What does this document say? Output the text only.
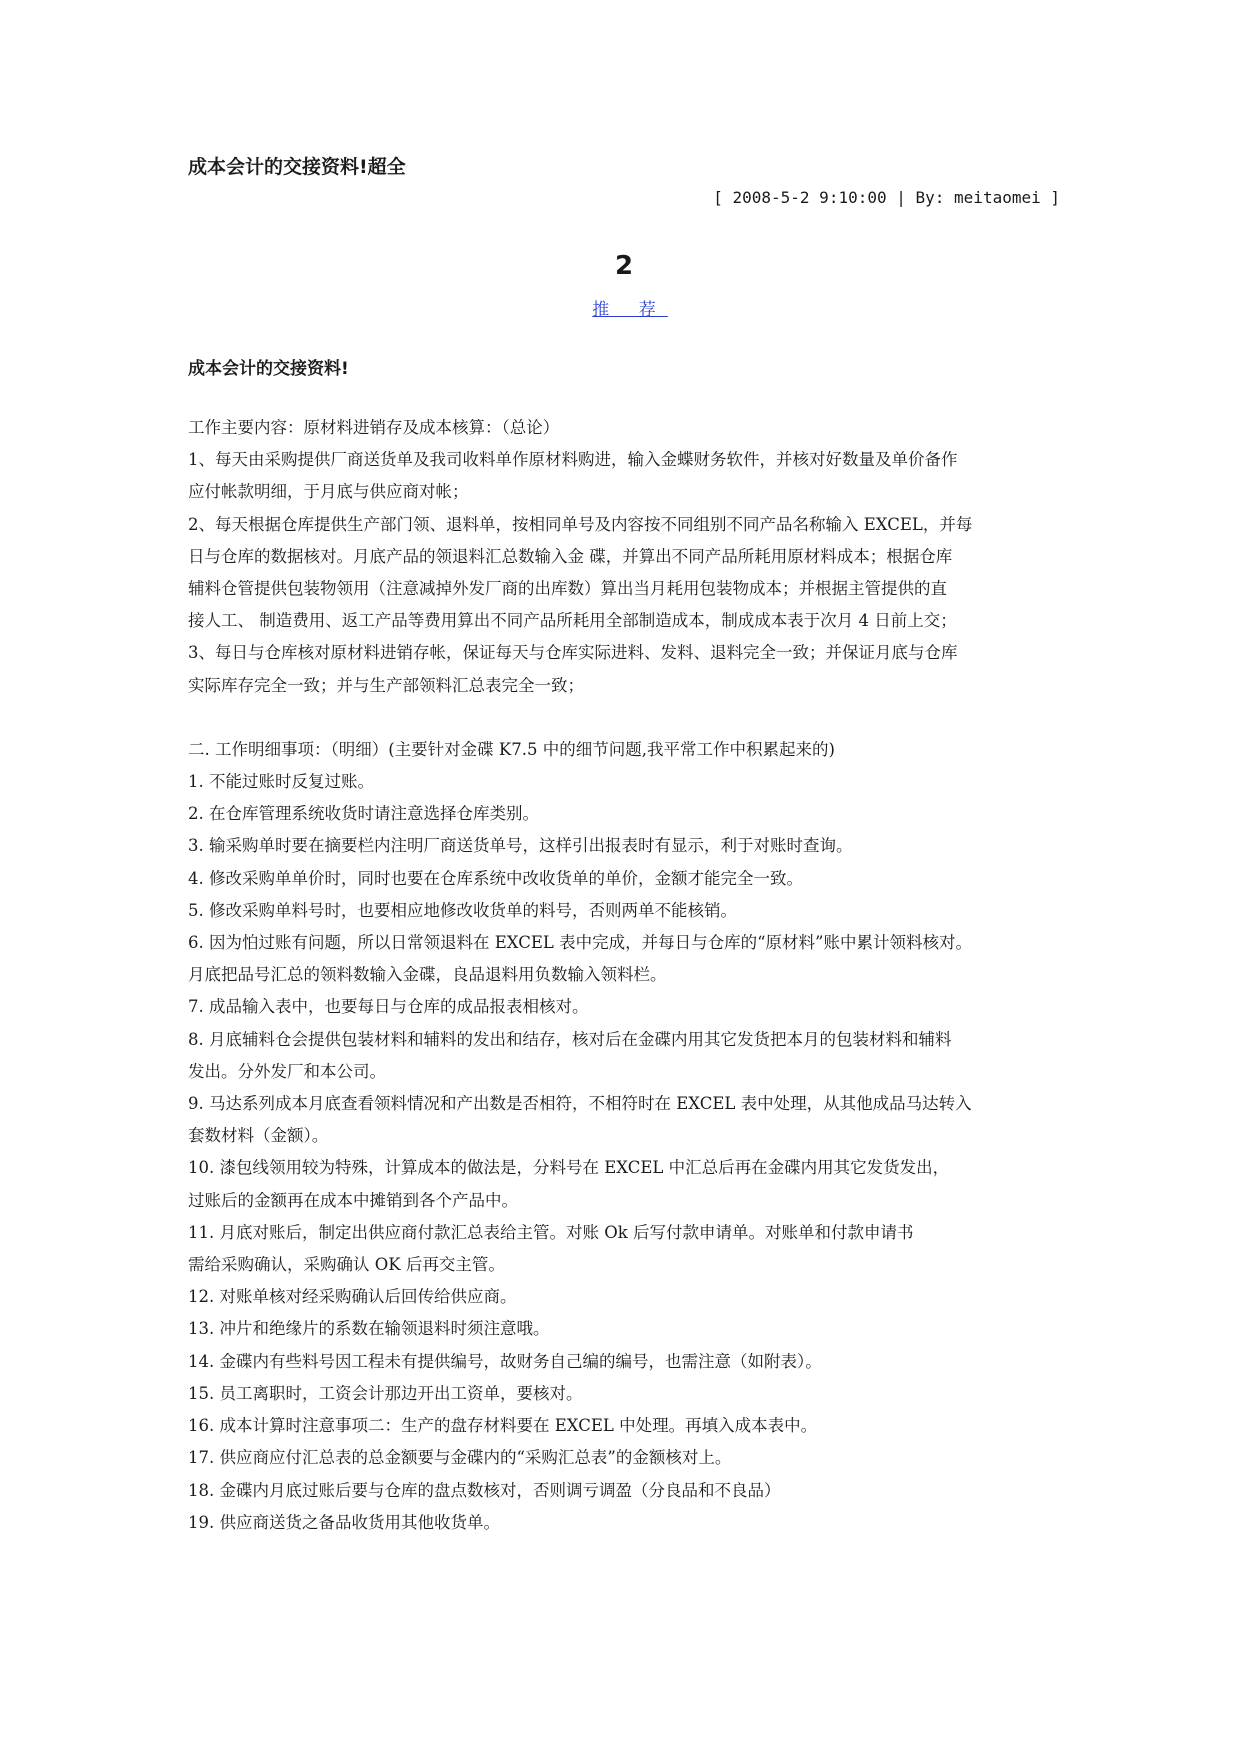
成本会计的交接资料!超全
[ 2008-5-2 9:10:00 | By: meitaomei ]
2
推 荐
成本会计的交接资料!

工作主要内容：原材料进销存及成本核算：（总论）

1、每天由采购提供厂商送货单及我司收料单作原材料购进，输入金蝶财务软件，并核对好数量及单价备作

应付帐款明细，于月底与供应商对帐；

2、每天根据仓库提供生产部门领、退料单，按相同单号及内容按不同组别不同产品名称输入 EXCEL，并每

日与仓库的数据核对。月底产品的领退料汇总数输入金 碟，并算出不同产品所耗用原材料成本；根据仓库

辅料仓管提供包装物领用（注意减掉外发厂商的出库数）算出当月耗用包装物成本；并根据主管提供的直

接人工、 制造费用、返工产品等费用算出不同产品所耗用全部制造成本，制成成本表于次月 4 日前上交；

3、每日与仓库核对原材料进销存帐，保证每天与仓库实际进料、发料、退料完全一致；并保证月底与仓库

实际库存完全一致；并与生产部领料汇总表完全一致；

二. 工作明细事项：（明细）(主要针对金碟 K7.5 中的细节问题,我平常工作中积累起来的)

1. 不能过账时反复过账。

2. 在仓库管理系统收货时请注意选择仓库类别。

3. 输采购单时要在摘要栏内注明厂商送货单号，这样引出报表时有显示，利于对账时查询。

4. 修改采购单单价时，同时也要在仓库系统中改收货单的单价，金额才能完全一致。

5. 修改采购单料号时，也要相应地修改收货单的料号，否则两单不能核销。

6. 因为怕过账有问题，所以日常领退料在 EXCEL 表中完成，并每日与仓库的“原材料”账中累计领料核对。

月底把品号汇总的领料数输入金碟，良品退料用负数输入领料栏。

7. 成品输入表中，也要每日与仓库的成品报表相核对。

8. 月底辅料仓会提供包装材料和辅料的发出和结存，核对后在金碟内用其它发货把本月的包装材料和辅料

发出。分外发厂和本公司。

9. 马达系列成本月底查看领料情况和产出数是否相符，不相符时在 EXCEL 表中处理，从其他成品马达转入

套数材料（金额）。

10. 漆包线领用较为特殊，计算成本的做法是，分料号在 EXCEL 中汇总后再在金碟内用其它发货发出，

过账后的金额再在成本中摊销到各个产品中。

11. 月底对账后，制定出供应商付款汇总表给主管。对账 Ok 后写付款申请单。对账单和付款申请书

需给采购确认，采购确认 OK 后再交主管。

12. 对账单核对经采购确认后回传给供应商。

13. 冲片和绝缘片的系数在输领退料时须注意哦。

14. 金碟内有些料号因工程未有提供编号，故财务自己编的编号，也需注意（如附表）。

15. 员工离职时，工资会计那边开出工资单，要核对。

16. 成本计算时注意事项二：生产的盘存材料要在 EXCEL 中处理。再填入成本表中。

17. 供应商应付汇总表的总金额要与金碟内的“采购汇总表”的金额核对上。

18. 金碟内月底过账后要与仓库的盘点数核对，否则调亏调盈（分良品和不良品）

19. 供应商送货之备品收货用其他收货单。
